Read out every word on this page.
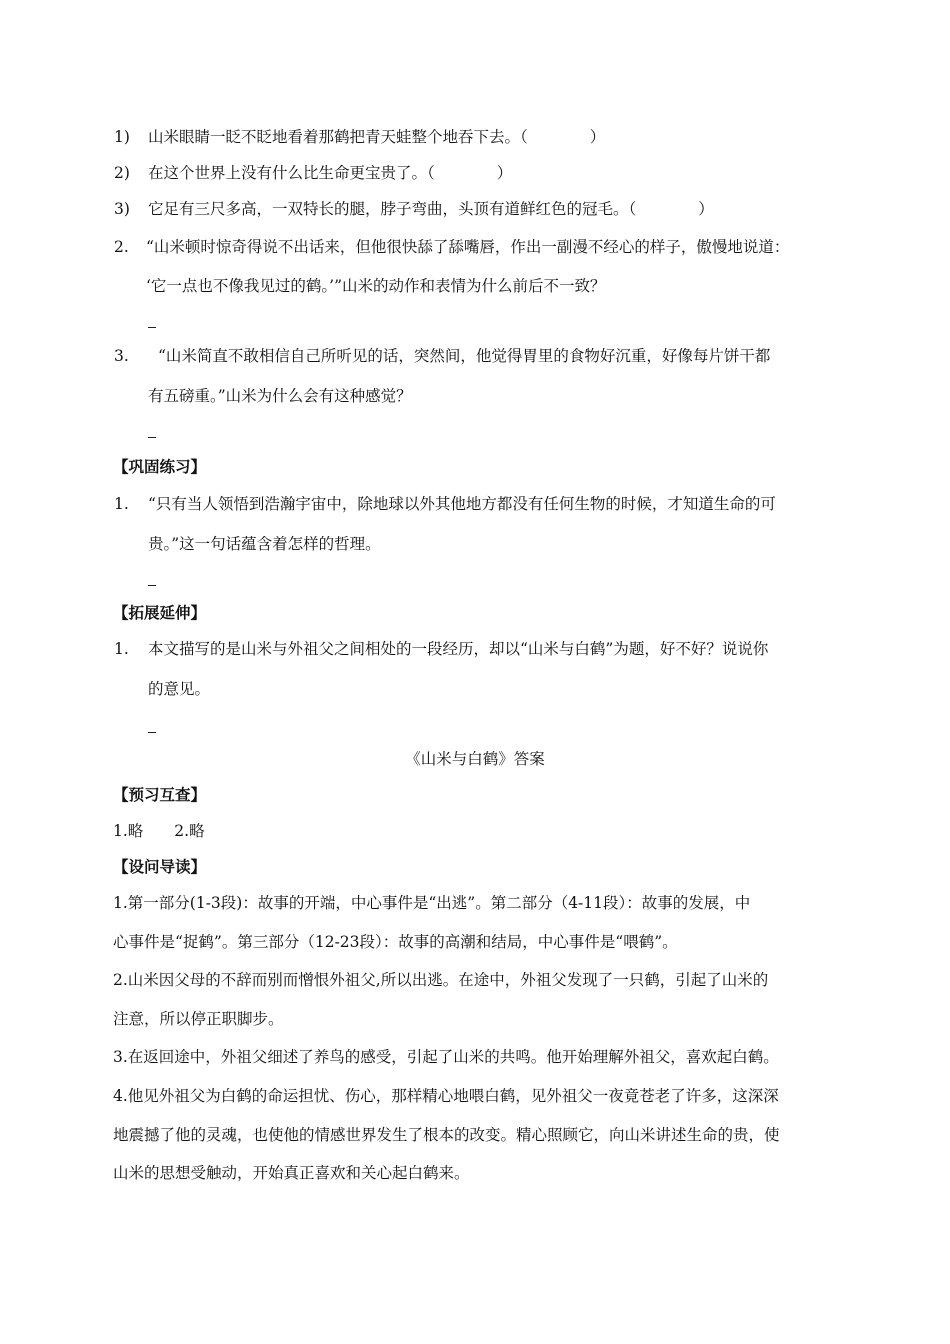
1) 山米眼睛一眨不眨地看着那鹤把青天蛙整个地吞下去。（　　　　）
2) 在这个世界上没有什么比生命更宝贵了。（　　　　）
3) 它足有三尺多高，一双特长的腿，脖子弯曲，头顶有道鲜红色的冠毛。（　　　　）
2. “山米顿时惊奇得说不出话来，但他很快舔了舔嘴唇，作出一副漫不经心的样子，傲慢地说道：
‘它一点也不像我见过的鹤。’”山米的动作和表情为什么前后不一致？
3. “山米简直不敢相信自己所听见的话，突然间，他觉得胃里的食物好沉重，好像每片饼干都
有五磅重。”山米为什么会有这种感觉？
【巩固练习】
1. “只有当人领悟到浩瀚宇宙中，除地球以外其他地方都没有任何生物的时候，才知道生命的可
贵。”这一句话蕴含着怎样的哲理。
【拓展延伸】
1. 本文描写的是山米与外祖父之间相处的一段经历，却以“山米与白鹤”为题，好不好？说说你
的意见。
《山米与白鹤》答案
【预习互查】
1.略　　2.略
【设问导读】
1.第一部分(1-3段)：故事的开端，中心事件是“出逃”。第二部分（4-11段）：故事的发展，中
心事件是“捉鹤”。第三部分（12-23段）：故事的高潮和结局，中心事件是“喂鹤”。
2.山米因父母的不辞而别而憎恨外祖父,所以出逃。在途中，外祖父发现了一只鹤，引起了山米的
注意，所以停正职脚步。
3.在返回途中，外祖父细述了养鸟的感受，引起了山米的共鸣。他开始理解外祖父，喜欢起白鹤。
4.他见外祖父为白鹤的命运担忧、伤心，那样精心地喂白鹤，见外祖父一夜竟苍老了许多，这深深
地震撼了他的灵魂，也使他的情感世界发生了根本的改变。精心照顾它，向山米讲述生命的贵，使
山米的思想受触动，开始真正喜欢和关心起白鹤来。
